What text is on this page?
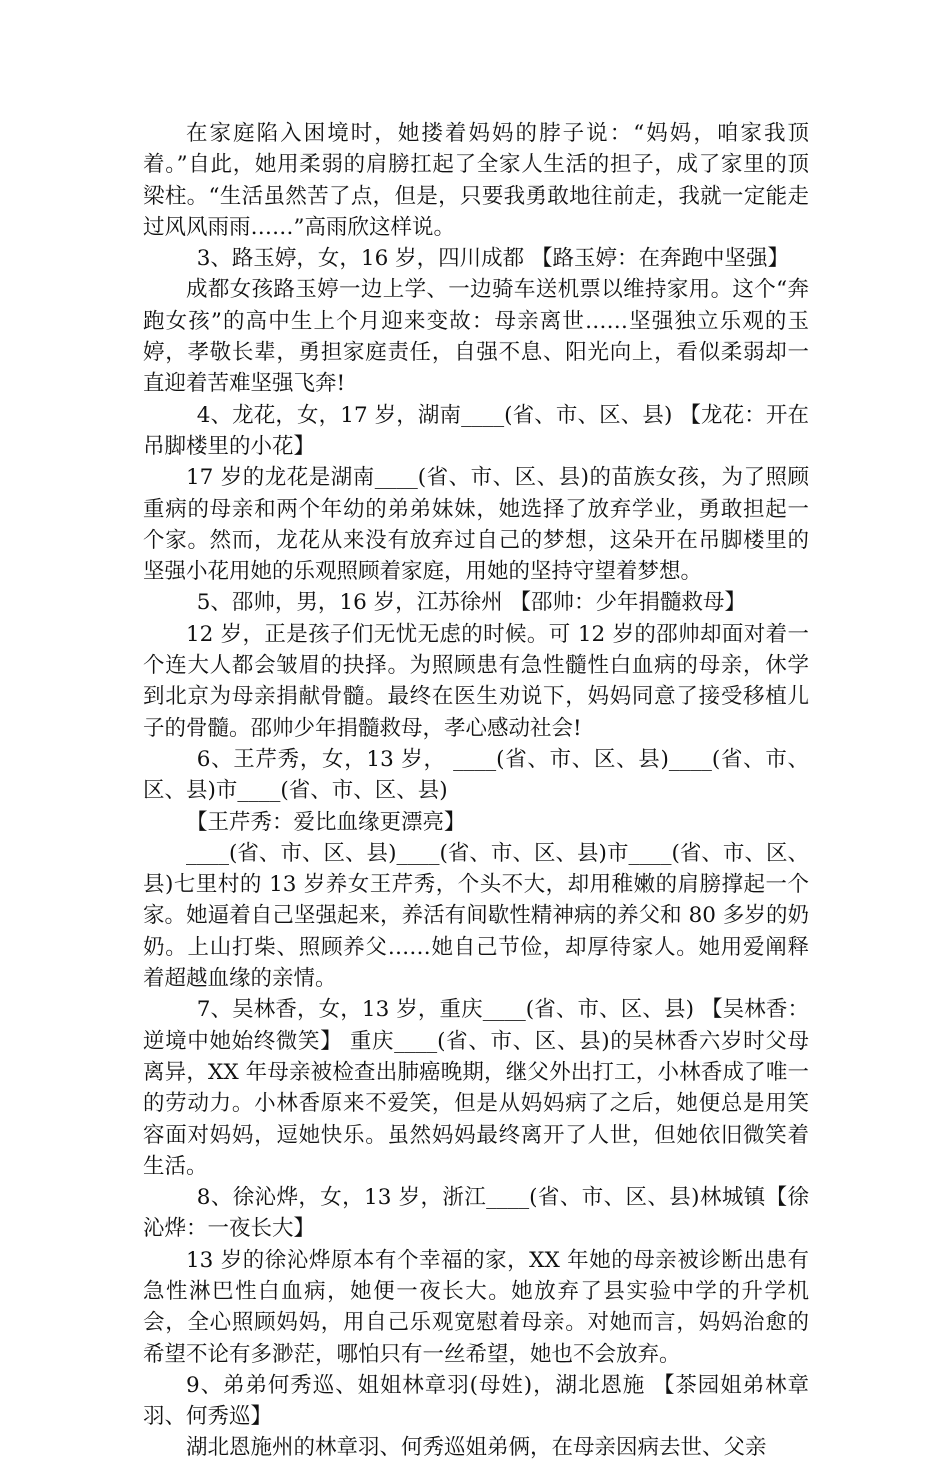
在家庭陷入困境时，她搂着妈妈的脖子说：“妈妈，咱家我顶着。”自此，她用柔弱的肩膀扛起了全家人生活的担子，成了家里的顶梁柱。“生活虽然苦了点，但是，只要我勇敢地往前走，我就一定能走过风风雨雨……”高雨欣这样说。

3、路玉婷，女，16 岁，四川成都 【路玉婷：在奔跑中坚强】

成都女孩路玉婷一边上学、一边骑车送机票以维持家用。这个“奔跑女孩”的高中生上个月迎来变故：母亲离世……坚强独立乐观的玉婷，孝敬长辈，勇担家庭责任，自强不息、阳光向上，看似柔弱却一直迎着苦难坚强飞奔!

4、龙花，女，17 岁，湖南____(省、市、区、县) 【龙花：开在吊脚楼里的小花】

17 岁的龙花是湖南____(省、市、区、县)的苗族女孩，为了照顾重病的母亲和两个年幼的弟弟妹妹，她选择了放弃学业，勇敢担起一个家。然而，龙花从来没有放弃过自己的梦想，这朵开在吊脚楼里的坚强小花用她的乐观照顾着家庭，用她的坚持守望着梦想。

5、邵帅，男，16 岁，江苏徐州 【邵帅：少年捐髓救母】

12 岁，正是孩子们无忧无虑的时候。可 12 岁的邵帅却面对着一个连大人都会皱眉的抉择。为照顾患有急性髓性白血病的母亲，休学到北京为母亲捐献骨髓。最终在医生劝说下，妈妈同意了接受移植儿子的骨髓。邵帅少年捐髓救母，孝心感动社会!

6、王芹秀，女，13 岁， ____(省、市、区、县)____(省、市、区、县)市____(省、市、区、县)

【王芹秀：爱比血缘更漂亮】

____(省、市、区、县)____(省、市、区、县)市____(省、市、区、县)七里村的 13 岁养女王芹秀，个头不大，却用稚嫩的肩膀撑起一个家。她逼着自己坚强起来，养活有间歇性精神病的养父和 80 多岁的奶奶。上山打柴、照顾养父……她自己节俭，却厚待家人。她用爱阐释着超越血缘的亲情。

7、吴林香，女，13 岁，重庆____(省、市、区、县) 【吴林香：逆境中她始终微笑】 重庆____(省、市、区、县)的吴林香六岁时父母离异，XX 年母亲被检查出肺癌晚期，继父外出打工，小林香成了唯一的劳动力。小林香原来不爱笑，但是从妈妈病了之后，她便总是用笑容面对妈妈，逗她快乐。虽然妈妈最终离开了人世，但她依旧微笑着生活。

8、徐沁烨，女，13 岁，浙江____(省、市、区、县)林城镇【徐沁烨：一夜长大】

13 岁的徐沁烨原本有个幸福的家，XX 年她的母亲被诊断出患有急性淋巴性白血病，她便一夜长大。她放弃了县实验中学的升学机会，全心照顾妈妈，用自己乐观宽慰着母亲。对她而言，妈妈治愈的希望不论有多渺茫，哪怕只有一丝希望，她也不会放弃。

9、弟弟何秀巡、姐姐林章羽(母姓)，湖北恩施 【茶园姐弟林章羽、何秀巡】

湖北恩施州的林章羽、何秀巡姐弟俩，在母亲因病去世、父亲
